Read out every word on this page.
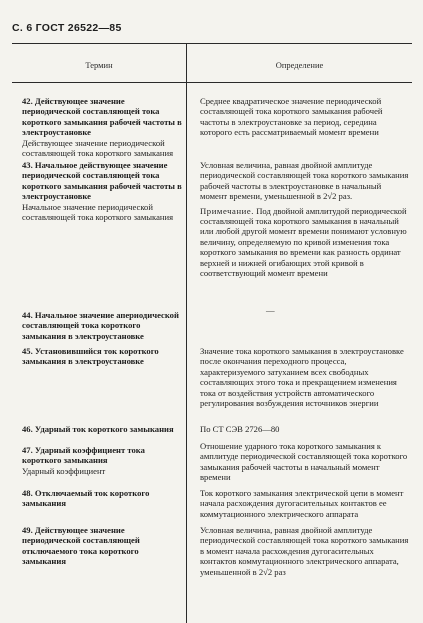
С. 6 ГОСТ 26522—85
Термин	Определение

42. Действующее значение периодической составляющей тока короткого замыкания рабочей частоты в электроустановке

Действующее значение периодической составляющей тока короткого замыкания

43. Начальное действующее значение периодической составляющей тока короткого замыкания рабочей частоты в электроустановке

Начальное значение периодической составляющей тока короткого замыкания

44. Начальное значение апериодической составляющей тока короткого замыкания в электроустановке

45. Установившийся ток короткого замыкания в электроустановке

46. Ударный ток короткого замыкания

47. Ударный коэффициент тока короткого замыкания

Ударный коэффициент

48. Отключаемый ток короткого замыкания

49. Действующее значение периодической составляющей отключаемого тока короткого замыкания

Среднее квадратическое значение периодической составляющей тока короткого замыкания рабочей частоты в электроустановке за период, середина которого есть рассматриваемый момент времени

Условная величина, равная двойной амплитуде периодической составляющей тока короткого замыкания рабочей частоты в электроустановке в начальный момент времени, уменьшенной в 2√2 раз.

Примечание. Под двойной амплитудой периодической составляющей тока короткого замыкания в начальный или любой другой момент времени понимают условную величину, определяемую по кривой изменения тока короткого замыкания во времени как разность ординат верхней и нижней огибающих этой кривой в соответствующий момент времени

—

Значение тока короткого замыкания в электроустановке после окончания переходного процесса, характеризуемого затуханием всех свободных составляющих этого тока и прекращением изменения тока от воздействия устройств автоматического регулирования возбуждения источников энергии

По СТ СЭВ 2726—80

Отношение ударного тока короткого замыкания к амплитуде периодической составляющей тока короткого замыкания рабочей частоты в начальный момент времени

Ток короткого замыкания электрической цепи в момент начала расхождения дугогасительных контактов ее коммутационного электрического аппарата

Условная величина, равная двойной амплитуде периодической составляющей тока короткого замыкания в момент начала расхождения дугогасительных контактов коммутационного электрического аппарата, уменьшенной в 2√2 раз
